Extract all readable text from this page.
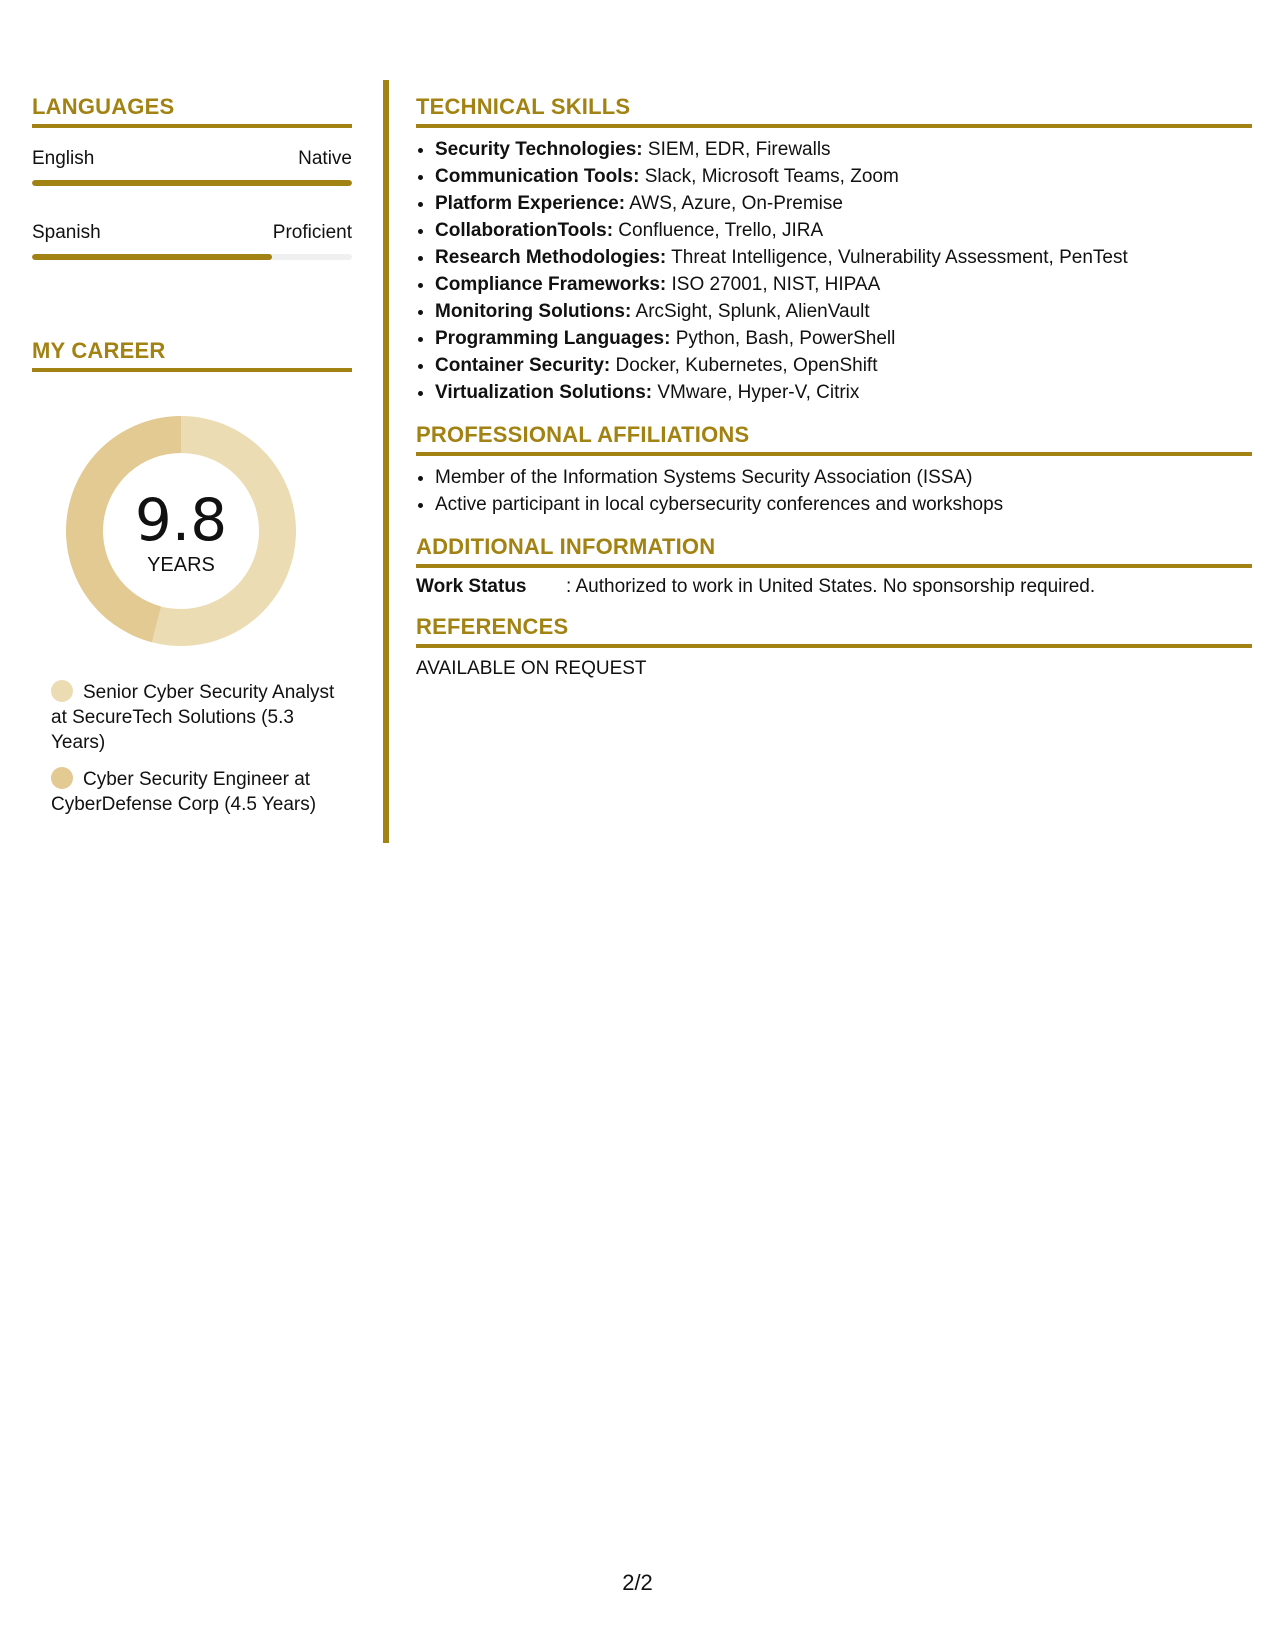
LANGUAGES
English	Native
Spanish	Proficient
MY CAREER
9.8
YEARS
Senior Cyber Security Analyst at SecureTech Solutions (5.3 Years)
Cyber Security Engineer at CyberDefense Corp (4.5 Years)
TECHNICAL SKILLS
• Security Technologies: SIEM, EDR, Firewalls
• Communication Tools: Slack, Microsoft Teams, Zoom
• Platform Experience: AWS, Azure, On-Premise
• CollaborationTools: Confluence, Trello, JIRA
• Research Methodologies: Threat Intelligence, Vulnerability Assessment, PenTest
• Compliance Frameworks: ISO 27001, NIST, HIPAA
• Monitoring Solutions: ArcSight, Splunk, AlienVault
• Programming Languages: Python, Bash, PowerShell
• Container Security: Docker, Kubernetes, OpenShift
• Virtualization Solutions: VMware, Hyper-V, Citrix
PROFESSIONAL AFFILIATIONS
• Member of the Information Systems Security Association (ISSA)
• Active participant in local cybersecurity conferences and workshops
ADDITIONAL INFORMATION
Work Status	: Authorized to work in United States. No sponsorship required.
REFERENCES
AVAILABLE ON REQUEST
2/2
